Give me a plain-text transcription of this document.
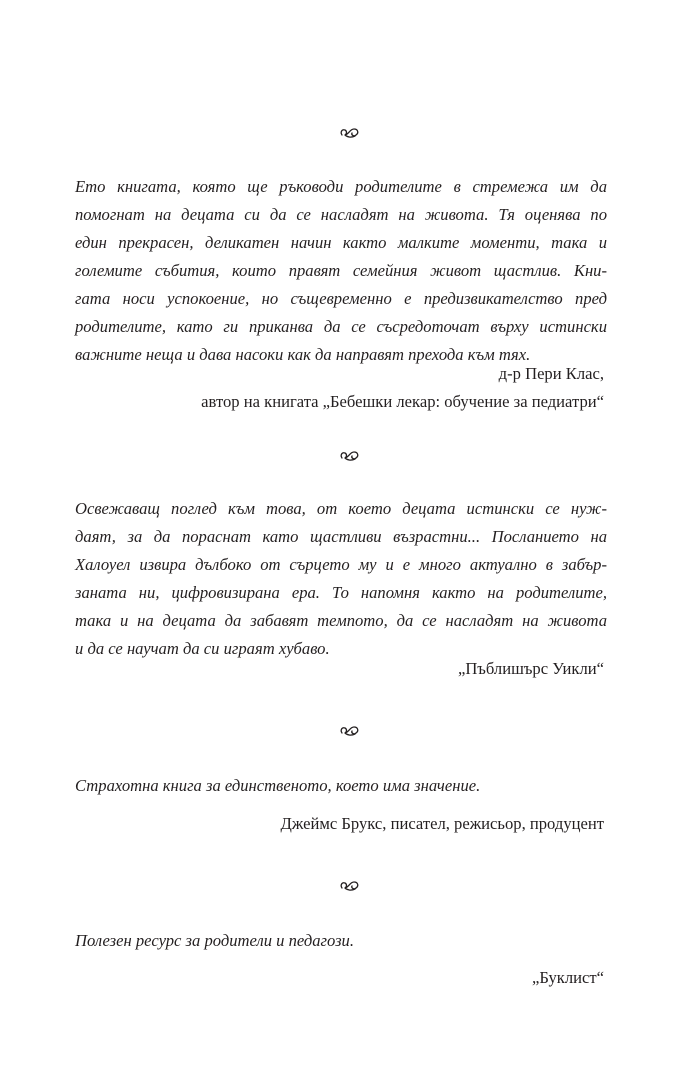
Ето книгата, която ще ръководи родителите в стремежа им да
помогнат на децата си да се насладят на живота. Тя оценява по
един прекрасен, деликатен начин както малките моменти, така и
големите събития, които правят семейния живот щастлив. Кни-
гата носи успокоение, но същевременно е предизвикателство пред
родителите, като ги приканва да се съсредоточат върху истински
важните неща и дава насоки как да направят прехода към тях.
д-р Пери Клас,
автор на книгата „Бебешки лекар: обучение за педиатри“
Освежаващ поглед към това, от което децата истински се нуж-
даят, за да пораснат като щастливи възрастни... Посланието на
Халоуел извира дълбоко от сърцето му и е много актуално в забър-
заната ни, цифровизирана ера. То напомня както на родителите,
така и на децата да забавят темпото, да се насладят на живота
и да се научат да си играят хубаво.
„Пъблишърс Уикли“
Страхотна книга за единственото, което има значение.
Джеймс Брукс, писател, режисьор, продуцент
Полезен ресурс за родители и педагози.
„Буклист“
